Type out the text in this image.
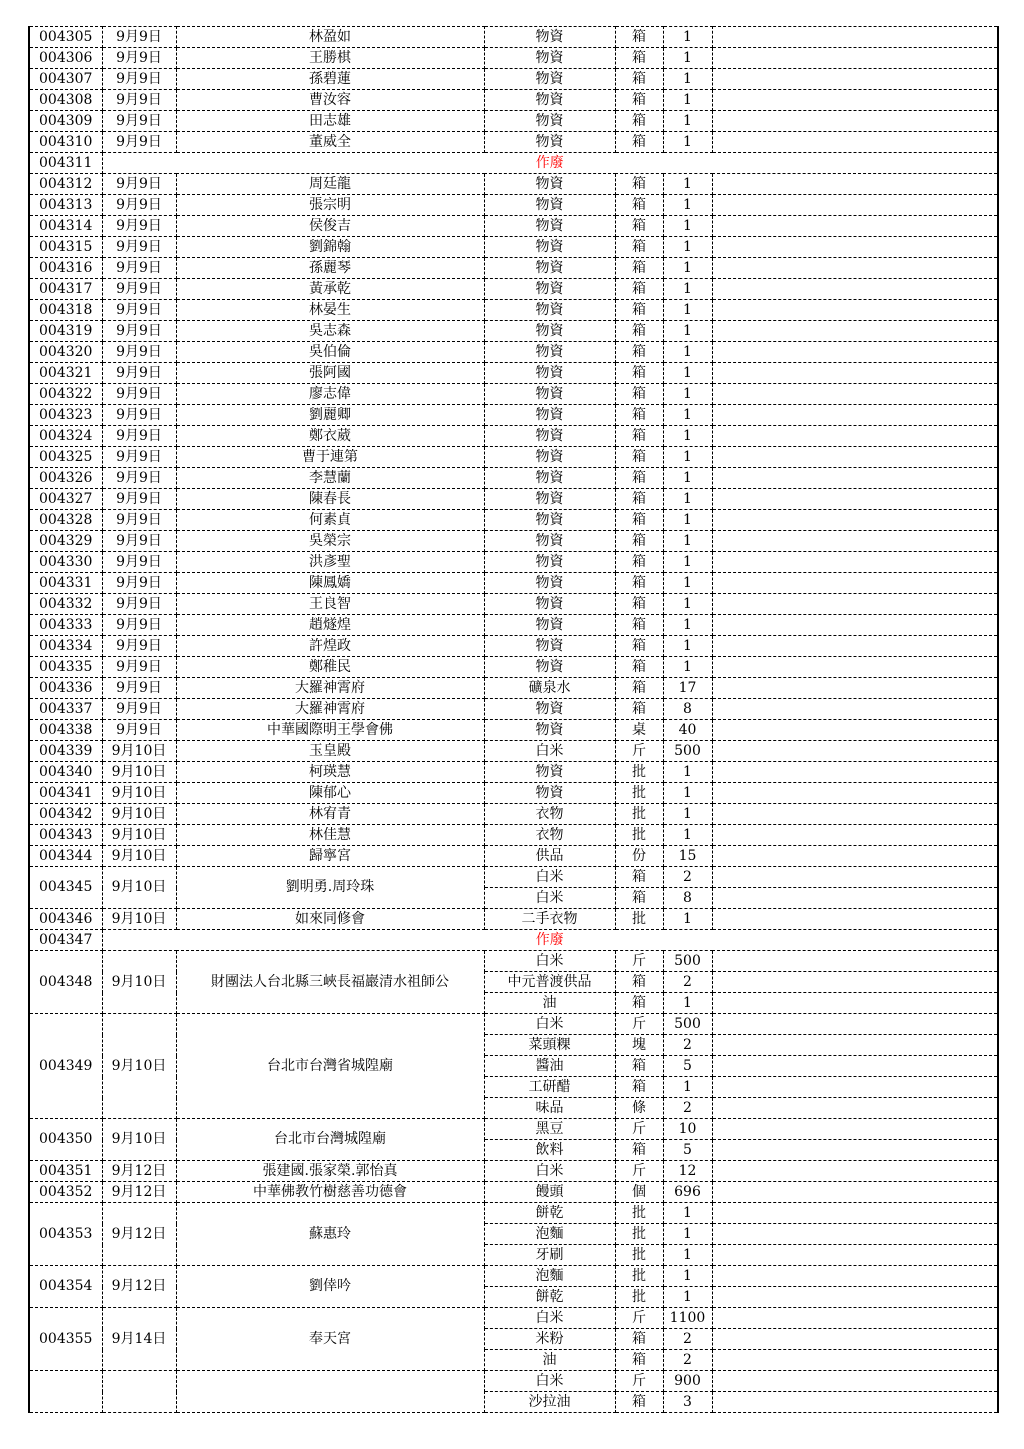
004305	9月9日	林盈如	物資	箱	1	
004306	9月9日	王勝棋	物資	箱	1	
004307	9月9日	孫碧蓮	物資	箱	1	
004308	9月9日	曹汝容	物資	箱	1	
004309	9月9日	田志雄	物資	箱	1	
004310	9月9日	董威全	物資	箱	1	
004311	作廢					
004312	9月9日	周廷龍	物資	箱	1	
004313	9月9日	張宗明	物資	箱	1	
004314	9月9日	侯俊吉	物資	箱	1	
004315	9月9日	劉錦翰	物資	箱	1	
004316	9月9日	孫麗琴	物資	箱	1	
004317	9月9日	黃承乾	物資	箱	1	
004318	9月9日	林晏生	物資	箱	1	
004319	9月9日	吳志森	物資	箱	1	
004320	9月9日	吳伯倫	物資	箱	1	
004321	9月9日	張阿國	物資	箱	1	
004322	9月9日	廖志偉	物資	箱	1	
004323	9月9日	劉麗卿	物資	箱	1	
004324	9月9日	鄭衣葳	物資	箱	1	
004325	9月9日	曹于連第	物資	箱	1	
004326	9月9日	李慧蘭	物資	箱	1	
004327	9月9日	陳春長	物資	箱	1	
004328	9月9日	何素貞	物資	箱	1	
004329	9月9日	吳榮宗	物資	箱	1	
004330	9月9日	洪彥聖	物資	箱	1	
004331	9月9日	陳鳳嬌	物資	箱	1	
004332	9月9日	王良智	物資	箱	1	
004333	9月9日	趙燧煌	物資	箱	1	
004334	9月9日	許煌政	物資	箱	1	
004335	9月9日	鄭稚民	物資	箱	1	
004336	9月9日	大羅神霄府	礦泉水	箱	17	
004337	9月9日	大羅神霄府	物資	箱	8	
004338	9月9日	中華國際明王學會佛	物資	桌	40	
004339	9月10日	玉皇殿	白米	斤	500	
004340	9月10日	柯瑛慧	物資	批	1	
004341	9月10日	陳郁心	物資	批	1	
004342	9月10日	林宥青	衣物	批	1	
004343	9月10日	林佳慧	衣物	批	1	
004344	9月10日	歸寧宮	供品	份	15	
004345	9月10日	劉明勇.周玲珠	白米	箱	2	
			白米	箱	8	
004346	9月10日	如來同修會	二手衣物	批	1	
004347	作廢					
004348	9月10日	財團法人台北縣三峽長福巖清水祖師公	白米	斤	500	
			中元普渡供品	箱	2	
			油	箱	1	
004349	9月10日	台北市台灣省城隍廟	白米	斤	500	
			菜頭粿	塊	2	
			醬油	箱	5	
			工研醋	箱	1	
			味品	條	2	
004350	9月10日	台北市台灣城隍廟	黑豆	斤	10	
			飲料	箱	5	
004351	9月12日	張建國.張家榮.郭怡真	白米	斤	12	
004352	9月12日	中華佛教竹樹慈善功德會	饅頭	個	696	
004353	9月12日	蘇惠玲	餅乾	批	1	
			泡麵	批	1	
			牙刷	批	1	
004354	9月12日	劉倖吟	泡麵	批	1	
			餅乾	批	1	
004355	9月14日	奉天宮	白米	斤	1100	
			米粉	箱	2	
			油	箱	2	
			白米	斤	900	
			沙拉油	箱	3	
